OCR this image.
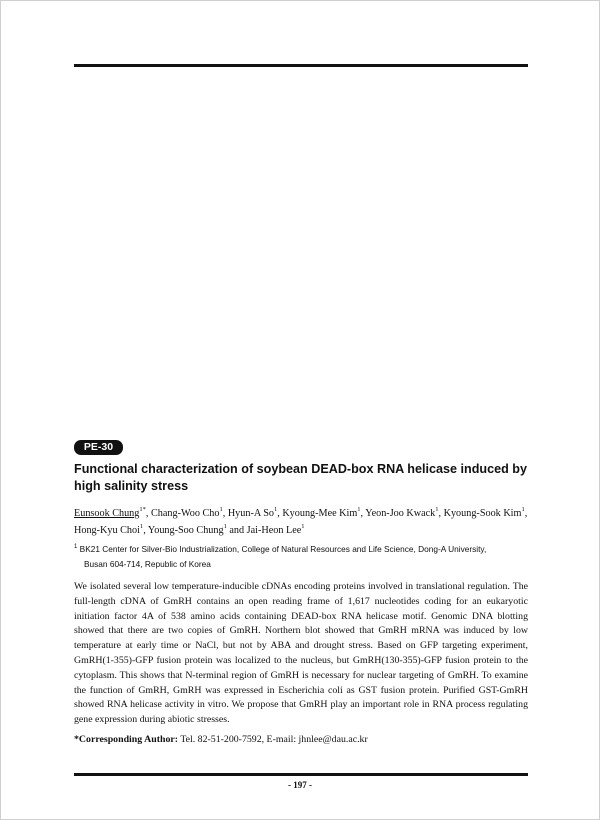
PE-30
Functional characterization of soybean DEAD-box RNA helicase induced by high salinity stress
Eunsook Chung$^{1*}$, Chang-Woo Cho$^1$, Hyun-A So$^1$, Kyoung-Mee Kim$^1$, Yeon-Joo Kwack$^1$, Kyoung-Sook Kim$^1$, Hong-Kyu Choi$^1$, Young-Soo Chung$^1$ and Jai-Heon Lee$^1$
$^1$ BK21 Center for Silver-Bio Industrialization, College of Natural Resources and Life Science, Dong-A University,
Busan 604-714, Republic of Korea

We isolated several low temperature-inducible cDNAs encoding proteins involved in translational regulation. The full-length cDNA of GmRH contains an open reading frame of 1,617 nucleotides coding for an eukaryotic initiation factor 4A of 538 amino acids containing DEAD-box RNA helicase motif. Genomic DNA blotting showed that there are two copies of GmRH. Northern blot showed that GmRH mRNA was induced by low temperature at early time or NaCl, but not by ABA and drought stress. Based on GFP targeting experiment, GmRH(1-355)-GFP fusion protein was localized to the nucleus, but GmRH(130-355)-GFP fusion protein to the cytoplasm. This shows that N-terminal region of GmRH is necessary for nuclear targeting of GmRH. To examine the function of GmRH, GmRH was expressed in Escherichia coli as GST fusion protein. Purified GST-GmRH showed RNA helicase activity in vitro. We propose that GmRH play an important role in RNA process regulating gene expression during abiotic stresses.

*Corresponding Author: Tel. 82-51-200-7592, E-mail: jhnlee@dau.ac.kr
- 197 -
